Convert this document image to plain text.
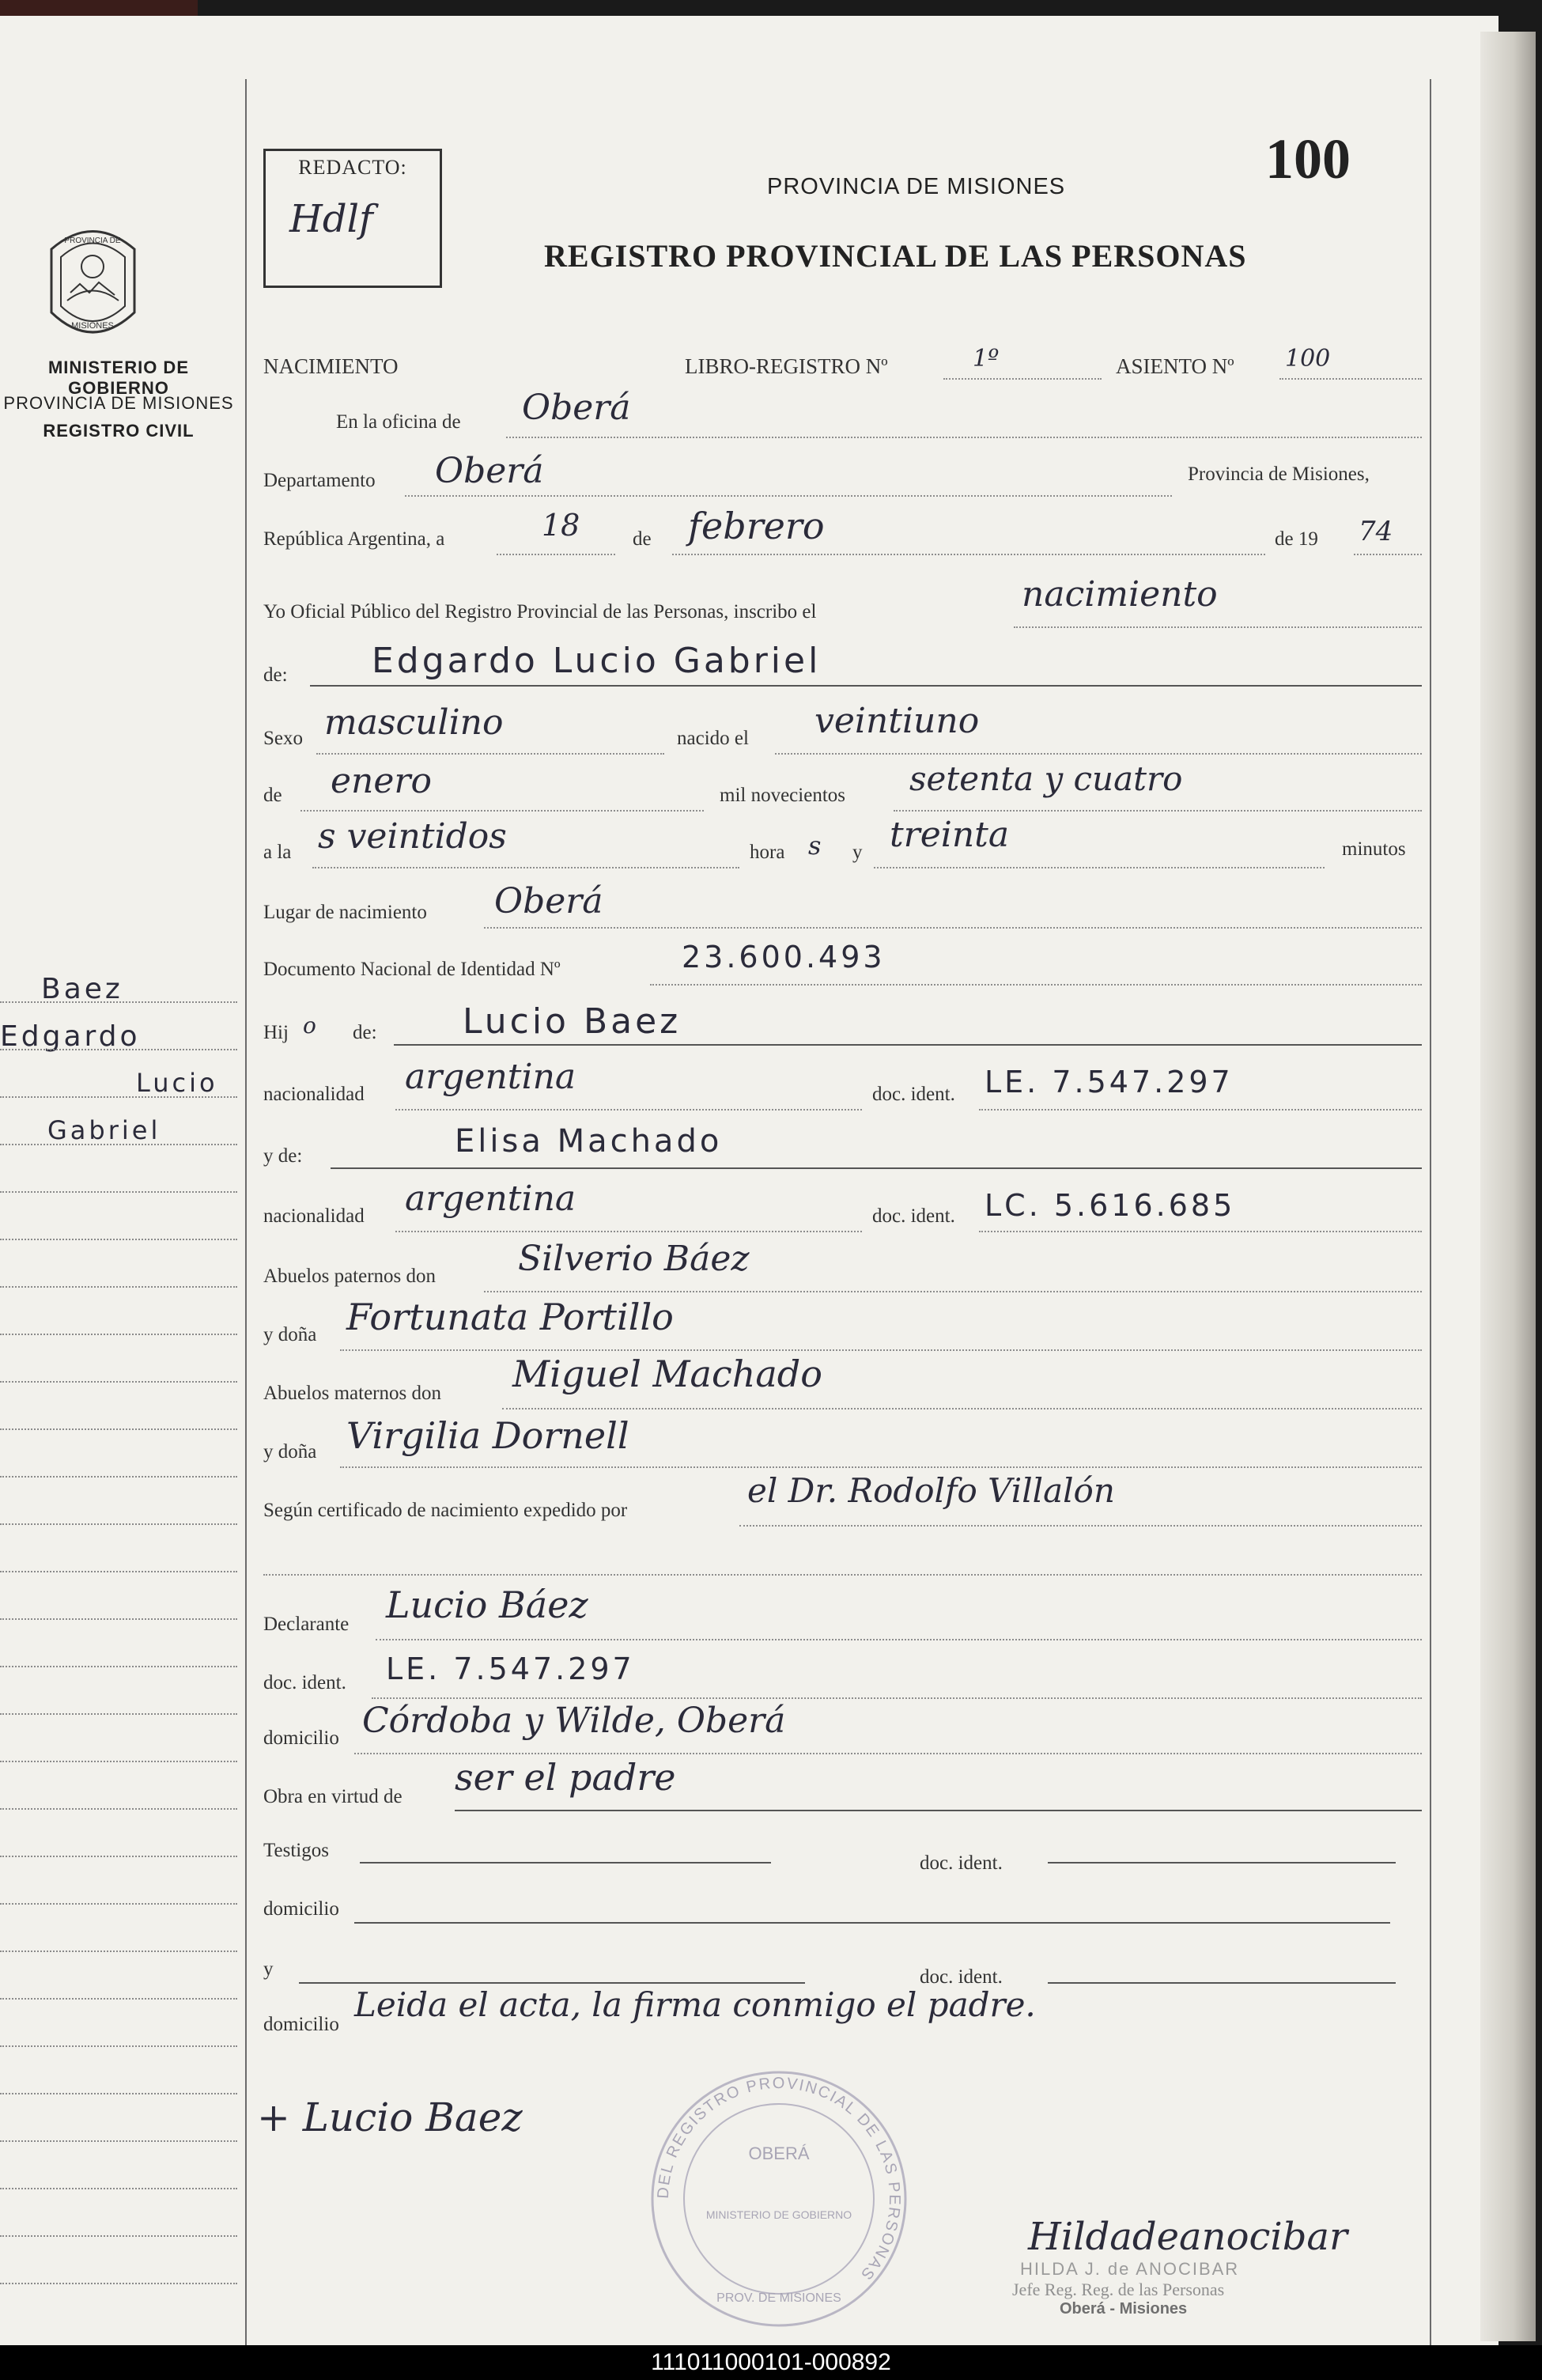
PROVINCIA DE
MISIONES
MINISTERIO DE GOBIERNO
PROVINCIA DE MISIONES
REGISTRO CIVIL
Baez
Edgardo
Lucio
Gabriel
REDACTO:
Hdlf
PROVINCIA DE MISIONES
REGISTRO PROVINCIAL DE LAS PERSONAS
100
NACIMIENTO	LIBRO-REGISTRO Nº	1º	ASIENTO Nº 100
En la oficina de Oberá
Departamento Oberá	Provincia de Misiones,
República Argentina, a	18	de febrero	de 19 74
Yo Oficial Público del Registro Provincial de las Personas, inscribo el	nacimiento
de: Edgardo Lucio Gabriel
Sexo masculino	nacido el veintiuno
de enero	mil novecientos setenta y cuatro
a la s veintidos	hora s y treinta	minutos
Lugar de nacimiento Oberá
Documento Nacional de Identidad Nº	23.600.493
Hij o de: Lucio Baez
nacionalidad argentina	doc. ident. LE. 7.547.297
y de:	Elisa Machado
nacionalidad argentina	doc. ident. LC. 5.616.685
Abuelos paternos don Silverio Báez
y doña Fortunata Portillo
Abuelos maternos don Miguel Machado
y doña Virgilia Dornell
Según certificado de nacimiento expedido por
el Dr. Rodolfo Villalón
Declarante Lucio Báez
doc. ident. LE. 7.547.297
domicilio Córdoba y Wilde, Oberá
Obra en virtud de ser el padre
Testigos
doc. ident.
domicilio
y	doc. ident.
domicilio
Leida el acta, la firma conmigo el padre.
+ Lucio Baez
DEL REGISTRO PROVINCIAL DE LAS PERSONAS
OBERÁ
MINISTERIO DE GOBIERNO
PROV. DE MISIONES
Hildadeanocibar
HILDA J. de ANOCIBAR
Jefe Reg. Reg. de las Personas
Oberá - Misiones
111011000101-000892
